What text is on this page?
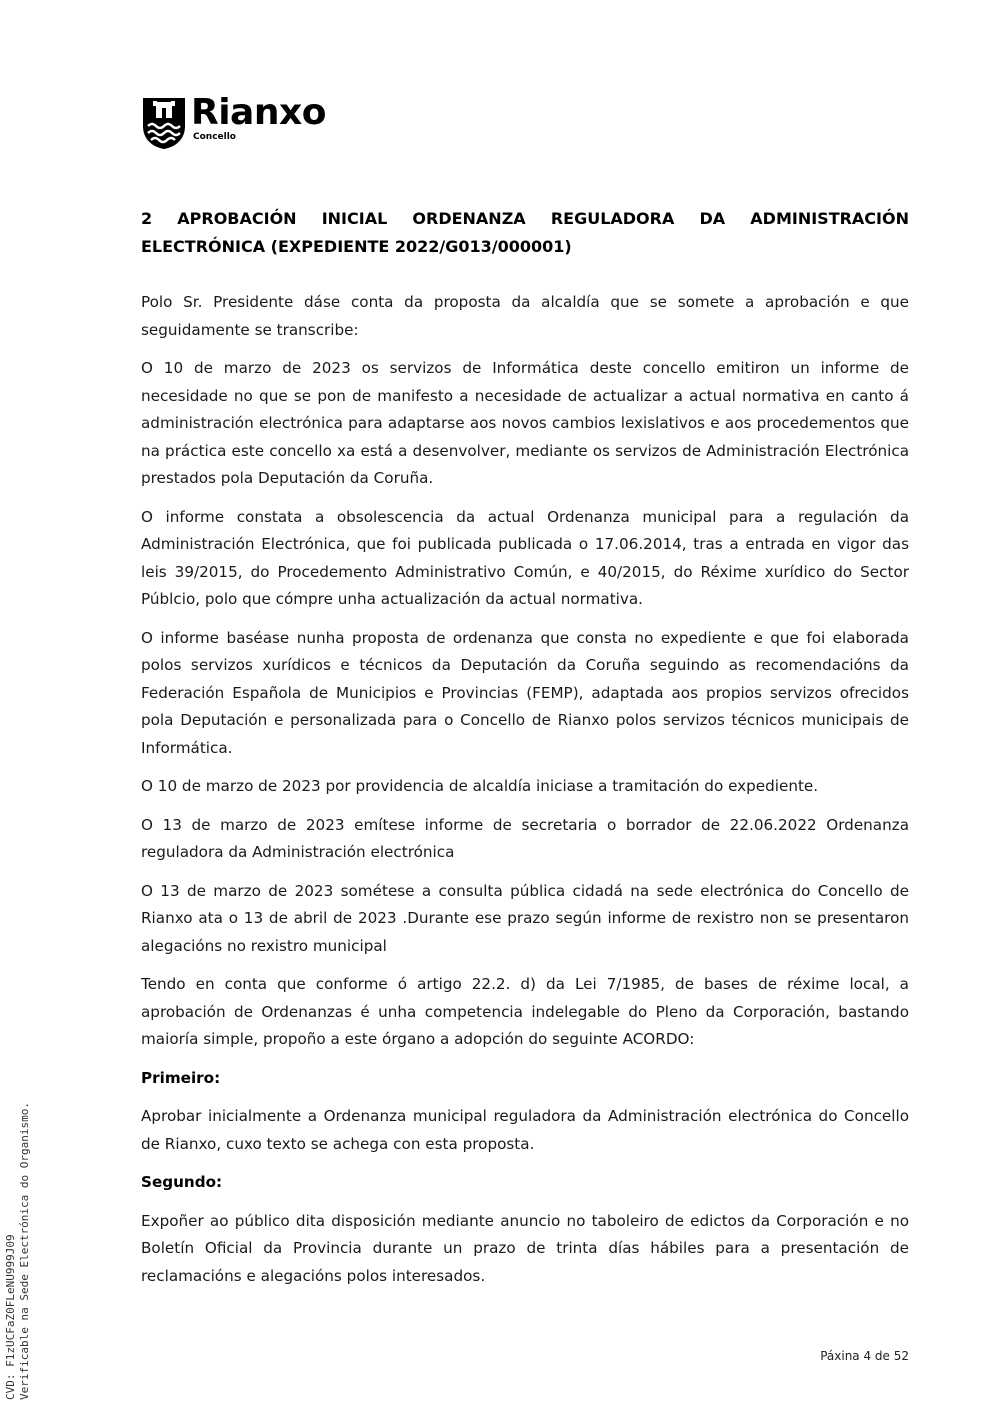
Rianxo
Concello
2 APROBACIÓN INICIAL ORDENANZA REGULADORA DA ADMINISTRACIÓN ELECTRÓNICA (EXPEDIENTE 2022/G013/000001)

Polo Sr. Presidente dáse conta da proposta da alcaldía que se somete a aprobación e que seguidamente se transcribe:

O 10 de marzo de 2023 os servizos de Informática deste concello emitiron un informe de necesidade no que se pon de manifesto a necesidade de actualizar a actual normativa en canto á administración electrónica para adaptarse aos novos cambios lexislativos e aos procedementos que na práctica este concello xa está a desenvolver, mediante os servizos de Administración Electrónica prestados pola Deputación da Coruña.

O informe constata a obsolescencia da actual Ordenanza municipal para a regulación da Administración Electrónica, que foi publicada publicada o 17.06.2014, tras a entrada en vigor das leis 39/2015, do Procedemento Administrativo Común, e 40/2015, do Réxime xurídico do Sector Públcio, polo que cómpre unha actualización da actual normativa.

O informe baséase nunha proposta de ordenanza que consta no expediente e que foi elaborada polos servizos xurídicos e técnicos da Deputación da Coruña seguindo as recomendacións da Federación Española de Municipios e Provincias (FEMP), adaptada aos propios servizos ofrecidos pola Deputación e personalizada para o Concello de Rianxo polos servizos técnicos municipais de Informática.

O 10 de marzo de 2023 por providencia de alcaldía iniciase a tramitación do expediente.

O 13 de marzo de 2023 emítese informe de secretaria o borrador de 22.06.2022 Ordenanza reguladora da Administración electrónica

O 13 de marzo de 2023 sométese a consulta pública cidadá na sede electrónica do Concello de Rianxo ata o 13 de abril de 2023 .Durante ese prazo según informe de rexistro non se presentaron alegacións no rexistro municipal

Tendo en conta que conforme ó artigo 22.2. d) da Lei 7/1985, de bases de réxime local, a aprobación de Ordenanzas é unha competencia indelegable do Pleno da Corporación, bastando maioría simple, propoño a este órgano a adopción do seguinte ACORDO:

Primeiro:

Aprobar inicialmente a Ordenanza municipal reguladora da Administración electrónica do Concello de Rianxo, cuxo texto se achega con esta proposta.

Segundo:

Expoñer ao público dita disposición mediante anuncio no taboleiro de edictos da Corporación e no Boletín Oficial da Provincia durante un prazo de trinta días hábiles para a presentación de reclamacións e alegacións polos interesados.

CVD: F1zUCFaZ0FLeNU999J09 Verificable na Sede Electrónica do Organismo.	Páxina 4 de 52
